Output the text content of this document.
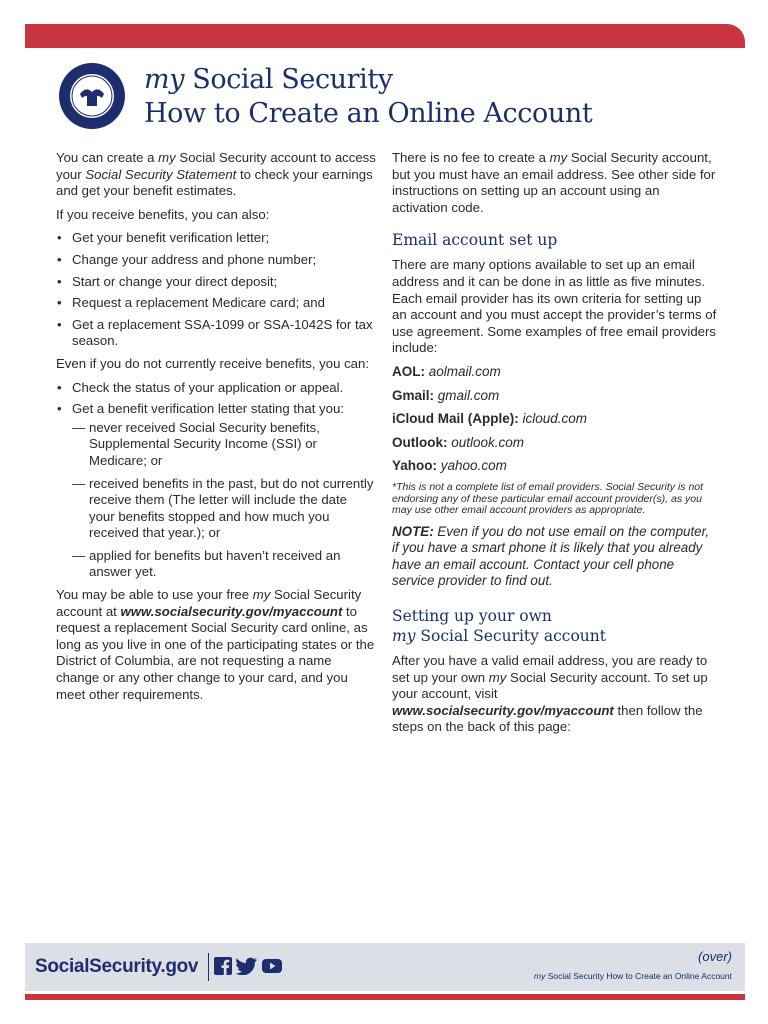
my Social Security
How to Create an Online Account

You can create a my Social Security account to access your Social Security Statement to check your earnings and get your benefit estimates.

If you receive benefits, you can also:

• Get your benefit verification letter;
• Change your address and phone number;
• Start or change your direct deposit;
• Request a replacement Medicare card; and
• Get a replacement SSA-1099 or SSA-1042S for tax season.

Even if you do not currently receive benefits, you can:

• Check the status of your application or appeal.
• Get a benefit verification letter stating that you:
— never received Social Security benefits, Supplemental Security Income (SSI) or Medicare; or
— received benefits in the past, but do not currently receive them (The letter will include the date your benefits stopped and how much you received that year.); or
— applied for benefits but haven’t received an answer yet.

You may be able to use your free my Social Security account at www.socialsecurity.gov/myaccount to request a replacement Social Security card online, as long as you live in one of the participating states or the District of Columbia, are not requesting a name change or any other change to your card, and you meet other requirements.

There is no fee to create a my Social Security account, but you must have an email address. See other side for instructions on setting up an account using an activation code.

Email account set up

There are many options available to set up an email address and it can be done in as little as five minutes. Each email provider has its own criteria for setting up an account and you must accept the provider’s terms of use agreement. Some examples of free email providers include:

AOL: aolmail.com

Gmail: gmail.com

iCloud Mail (Apple): icloud.com

Outlook: outlook.com

Yahoo: yahoo.com

*This is not a complete list of email providers. Social Security is not endorsing any of these particular email account provider(s), as you may use other email account providers as appropriate.

NOTE: Even if you do not use email on the computer, if you have a smart phone it is likely that you already have an email account. Contact your cell phone service provider to find out.

Setting up your own
my Social Security account

After you have a valid email address, you are ready to set up your own my Social Security account. To set up your account, visit www.socialsecurity.gov/myaccount then follow the steps on the back of this page:

SocialSecurity.gov	(over)
my Social Security How to Create an Online Account
